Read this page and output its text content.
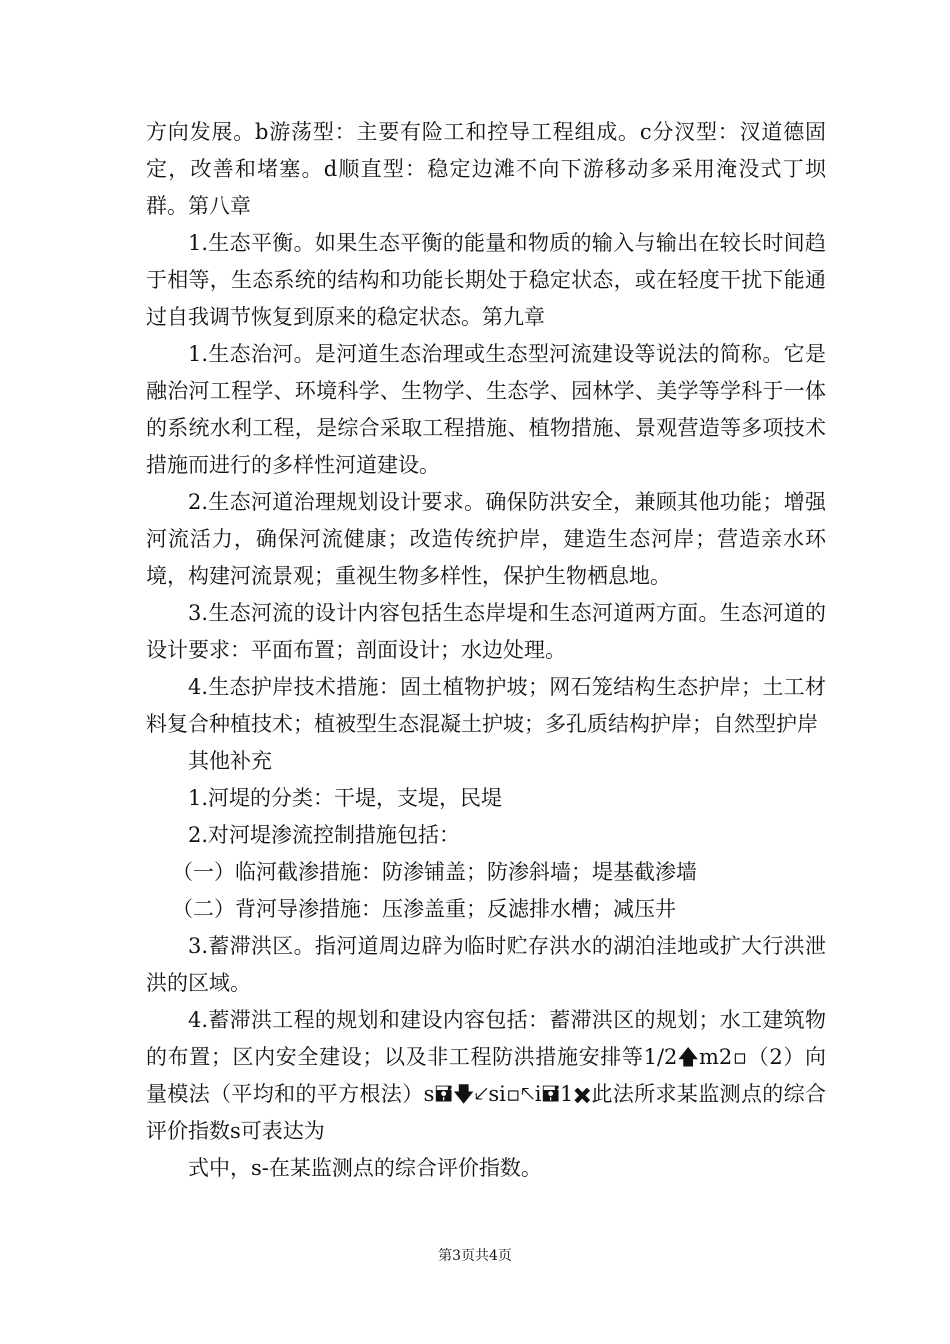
方向发展。b游荡型：主要有险工和控导工程组成。c分汊型：汊道德固定，改善和堵塞。d顺直型：稳定边滩不向下游移动多采用淹没式丁坝群。第八章

1.生态平衡。如果生态平衡的能量和物质的输入与输出在较长时间趋于相等，生态系统的结构和功能长期处于稳定状态，或在轻度干扰下能通过自我调节恢复到原来的稳定状态。第九章

1.生态治河。是河道生态治理或生态型河流建设等说法的简称。它是融治河工程学、环境科学、生物学、生态学、园林学、美学等学科于一体的系统水利工程，是综合采取工程措施、植物措施、景观营造等多项技术措施而进行的多样性河道建设。

2.生态河道治理规划设计要求。确保防洪安全，兼顾其他功能；增强河流活力，确保河流健康；改造传统护岸，建造生态河岸；营造亲水环境，构建河流景观；重视生物多样性，保护生物栖息地。

3.生态河流的设计内容包括生态岸堤和生态河道两方面。生态河道的设计要求：平面布置；剖面设计；水边处理。

4.生态护岸技术措施：固土植物护坡；网石笼结构生态护岸；土工材料复合种植技术；植被型生态混凝土护坡；多孔质结构护岸；自然型护岸

其他补充

1.河堤的分类：干堤，支堤，民堤

2.对河堤渗流控制措施包括：

（一）临河截渗措施：防渗铺盖；防渗斜墙；堤基截渗墙

（二）背河导渗措施：压渗盖重；反滤排水槽；减压井

3.蓄滞洪区。指河道周边辟为临时贮存洪水的湖泊洼地或扩大行洪泄洪的区域。

4.蓄滞洪工程的规划和建设内容包括：蓄滞洪区的规划；水工建筑物的布置；区内安全建设；以及非工程防洪措施安排等1/2🡅m2▫（2）向量模法（平均和的平方根法）s🖬🡇🡗si▫🡔i🖬1✖此法所求某监测点的综合评价指数s可表达为

式中，s-在某监测点的综合评价指数。

第3页共4页
